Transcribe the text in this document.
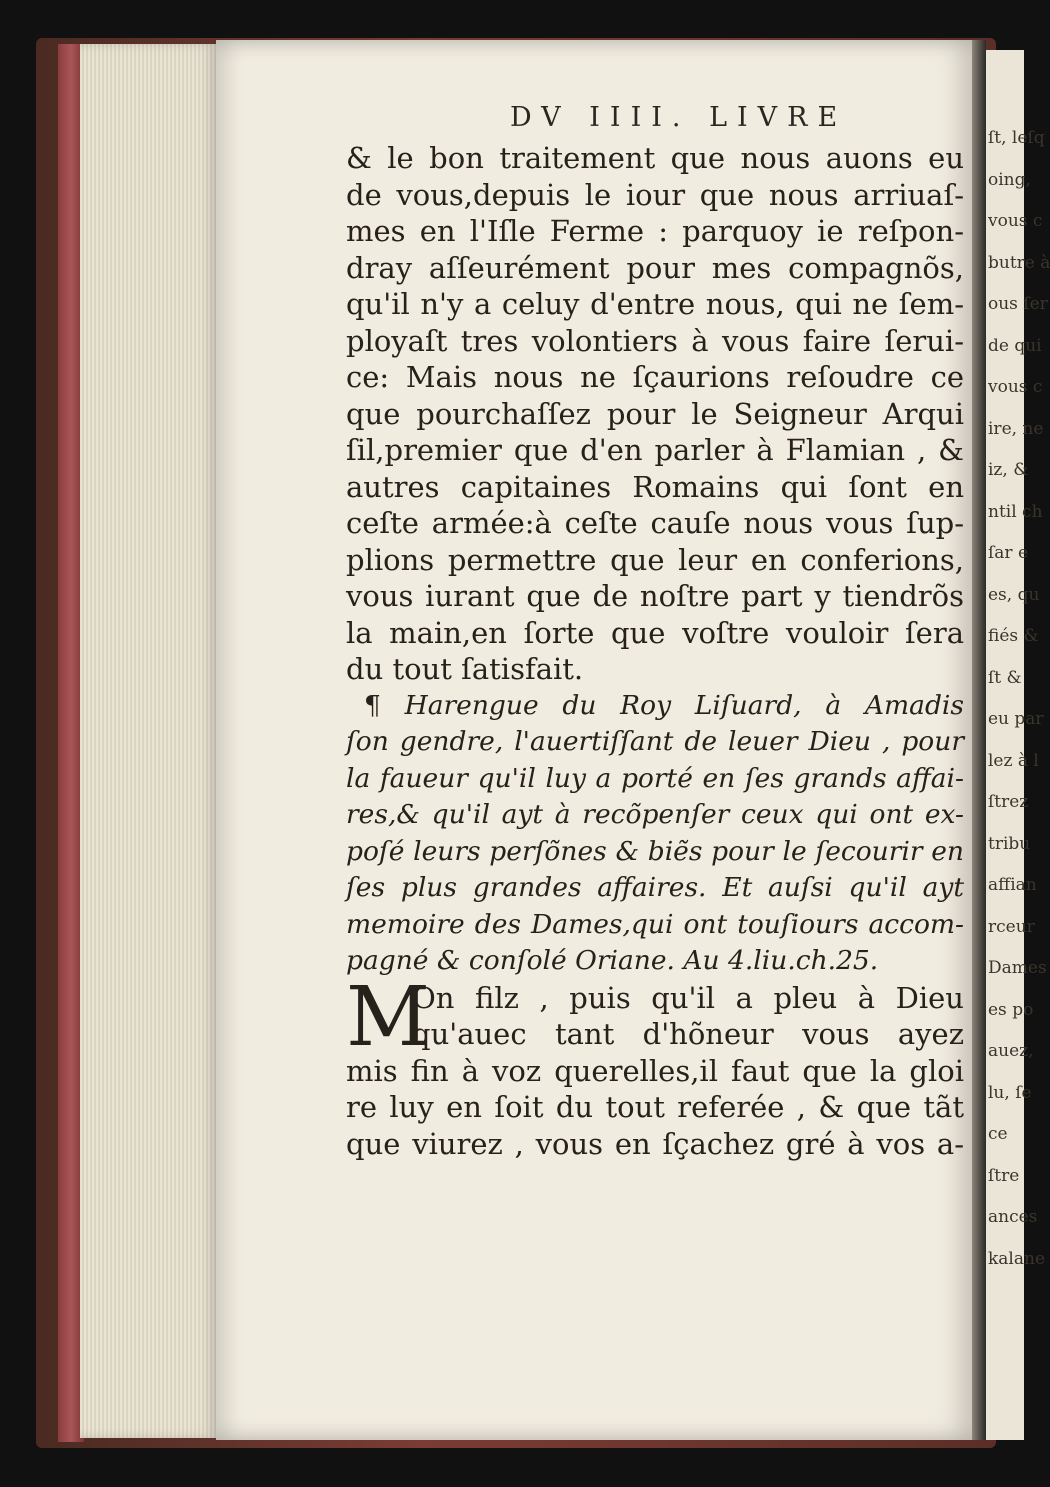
ſt, leſq
oing,
vous c
butre à
ous ſer
de qui
vous c
ire, ne
iz, &
ntil ch
ſar e
es, qu
fiés &
ſt &
eu par
lez à l
ſtrez
tribu
affian
rceur
Dames
es po
auez,
lu, ſe
ce
ſtre
ances
kalane
DV IIII. LIVRE
& le bon traitement que nous auons eu
de vous,depuis le iour que nous arriuaſ-
mes en l'Iſle Ferme : parquoy ie reſpon-
dray aſſeurément pour mes compagnõs,
qu'il n'y a celuy d'entre nous, qui ne ſem-
ployaſt tres volontiers à vous faire ſerui-
ce: Mais nous ne ſçaurions reſoudre ce
que pourchaſſez pour le Seigneur Arqui
ſil,premier que d'en parler à Flamian , &
autres capitaines Romains qui ſont en
ceſte armée:à ceſte cauſe nous vous ſup-
plions permettre que leur en conferions,
vous iurant que de noſtre part y tiendrõs
la main,en ſorte que voſtre vouloir ſera
du tout ſatisfait.
¶ Harengue du Roy Liſuard, à Amadis
ſon gendre, l'auertiſſant de leuer Dieu , pour
la faueur qu'il luy a porté en ſes grands affai-
res,& qu'il ayt à recõpenſer ceux qui ont ex-
poſé leurs perſõnes & biẽs pour le ſecourir en
ſes plus grandes affaires. Et auſsi qu'il ayt
memoire des Dames,qui ont touſiours accom-
pagné & conſolé Oriane. Au 4.liu.ch.25.
M
On filz , puis qu'il a pleu à Dieu
qu'auec tant d'hõneur vous ayez
mis fin à voz querelles,il faut que la gloi
re luy en ſoit du tout referée , & que tãt
que viurez , vous en ſçachez gré à vos a-
